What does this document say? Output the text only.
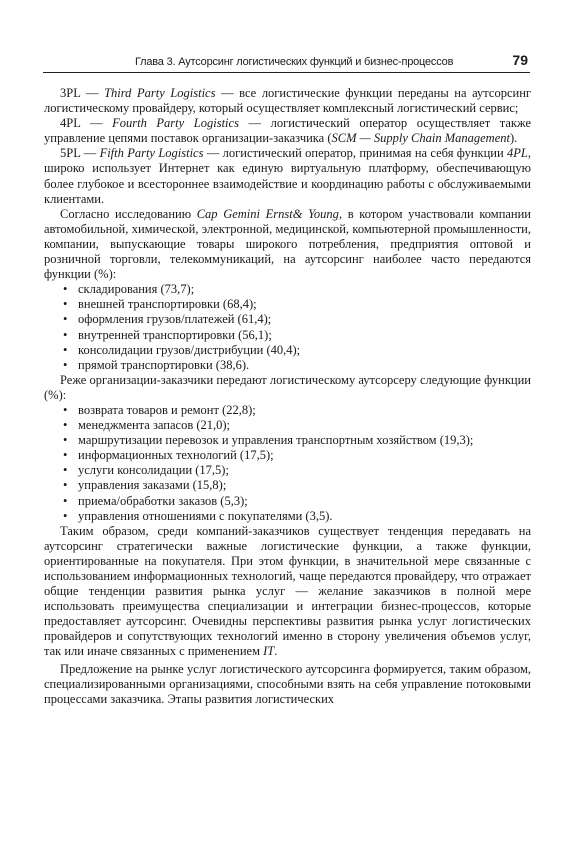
Глава 3. Аутсорсинг логистических функций и бизнес-процессов	79

3PL — Third Party Logistics — все логистические функции переданы на аутсорсинг логистическому провайдеру, который осуществляет комплексный логистический сервис;

4PL — Fourth Party Logistics — логистический оператор осуществляет также управление цепями поставок организации-заказчика (SCM — Supply Chain Management).

5PL — Fifth Party Logistics — логистический оператор, принимая на себя функции 4PL, широко использует Интернет как единую виртуальную платформу, обеспечивающую более глубокое и всестороннее взаимодействие и координацию работы с обслуживаемыми клиентами.

Согласно исследованию Cap Gemini Ernst& Young, в котором участвовали компании автомобильной, химической, электронной, медицинской, компьютерной промышленности, компании, выпускающие товары широкого потребления, предприятия оптовой и розничной торговли, телекоммуникаций, на аутсорсинг наиболее часто передаются функции (%):

• складирования (73,7);
• внешней транспортировки (68,4);
• оформления грузов/платежей (61,4);
• внутренней транспортировки (56,1);
• консолидации грузов/дистрибуции (40,4);
• прямой транспортировки (38,6).

Реже организации-заказчики передают логистическому аутсорсеру следующие функции (%):

• возврата товаров и ремонт (22,8);
• менеджмента запасов (21,0);
• маршрутизации перевозок и управления транспортным хозяйством (19,3);
• информационных технологий (17,5);
• услуги консолидации (17,5);
• управления заказами (15,8);
• приема/обработки заказов (5,3);
• управления отношениями с покупателями (3,5).

Таким образом, среди компаний-заказчиков существует тенденция передавать на аутсорсинг стратегически важные логистические функции, а также функции, ориентированные на покупателя. При этом функции, в значительной мере связанные с использованием информационных технологий, чаще передаются провайдеру, что отражает общие тенденции развития рынка услуг — желание заказчиков в полной мере использовать преимущества специализации и интеграции бизнес-процессов, которые предоставляет аутсорсинг. Очевидны перспективы развития рынка услуг логистических провайдеров и сопутствующих технологий именно в сторону увеличения объемов услуг, так или иначе связанных с применением IT.

Предложение на рынке услуг логистического аутсорсинга формируется, таким образом, специализированными организациями, способными взять на себя управление потоковыми процессами заказчика. Этапы развития логистических
